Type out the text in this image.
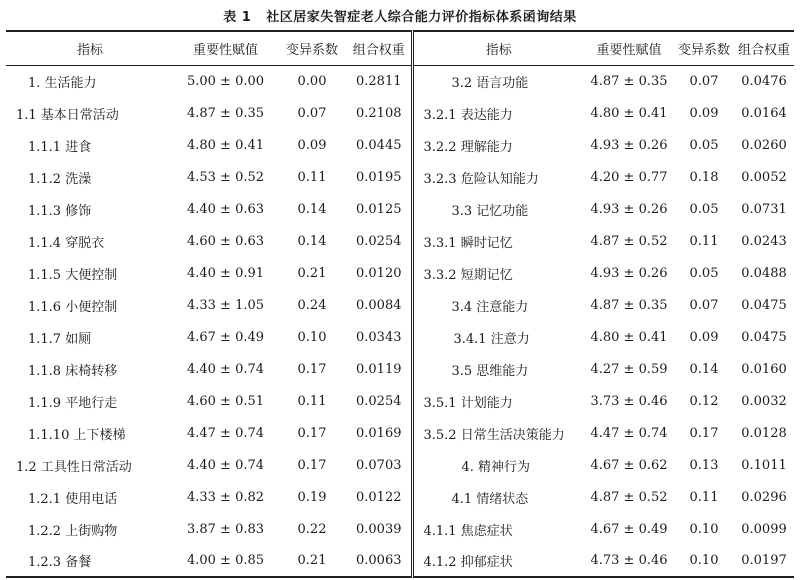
表 1 社区居家失智症老人综合能力评价指标体系函询结果
指标	重要性赋值	变异系数	组合权重	指标	重要性赋值	变异系数	组合权重
1. 生活能力	5.00 ± 0.00	0.00	0.2811	3.2 语言功能	4.87 ± 0.35	0.07	0.0476
1.1 基本日常活动	4.87 ± 0.35	0.07	0.2108	3.2.1 表达能力	4.80 ± 0.41	0.09	0.0164
1.1.1 进食	4.80 ± 0.41	0.09	0.0445	3.2.2 理解能力	4.93 ± 0.26	0.05	0.0260
1.1.2 洗澡	4.53 ± 0.52	0.11	0.0195	3.2.3 危险认知能力	4.20 ± 0.77	0.18	0.0052
1.1.3 修饰	4.40 ± 0.63	0.14	0.0125	3.3 记忆功能	4.93 ± 0.26	0.05	0.0731
1.1.4 穿脱衣	4.60 ± 0.63	0.14	0.0254	3.3.1 瞬时记忆	4.87 ± 0.52	0.11	0.0243
1.1.5 大便控制	4.40 ± 0.91	0.21	0.0120	3.3.2 短期记忆	4.93 ± 0.26	0.05	0.0488
1.1.6 小便控制	4.33 ± 1.05	0.24	0.0084	3.4 注意能力	4.87 ± 0.35	0.07	0.0475
1.1.7 如厕	4.67 ± 0.49	0.10	0.0343	3.4.1 注意力	4.80 ± 0.41	0.09	0.0475
1.1.8 床椅转移	4.40 ± 0.74	0.17	0.0119	3.5 思维能力	4.27 ± 0.59	0.14	0.0160
1.1.9 平地行走	4.60 ± 0.51	0.11	0.0254	3.5.1 计划能力	3.73 ± 0.46	0.12	0.0032
1.1.10 上下楼梯	4.47 ± 0.74	0.17	0.0169	3.5.2 日常生活决策能力	4.47 ± 0.74	0.17	0.0128
1.2 工具性日常活动	4.40 ± 0.74	0.17	0.0703	4. 精神行为	4.67 ± 0.62	0.13	0.1011
1.2.1 使用电话	4.33 ± 0.82	0.19	0.0122	4.1 情绪状态	4.87 ± 0.52	0.11	0.0296
1.2.2 上街购物	3.87 ± 0.83	0.22	0.0039	4.1.1 焦虑症状	4.67 ± 0.49	0.10	0.0099
1.2.3 备餐	4.00 ± 0.85	0.21	0.0063	4.1.2 抑郁症状	4.73 ± 0.46	0.10	0.0197
